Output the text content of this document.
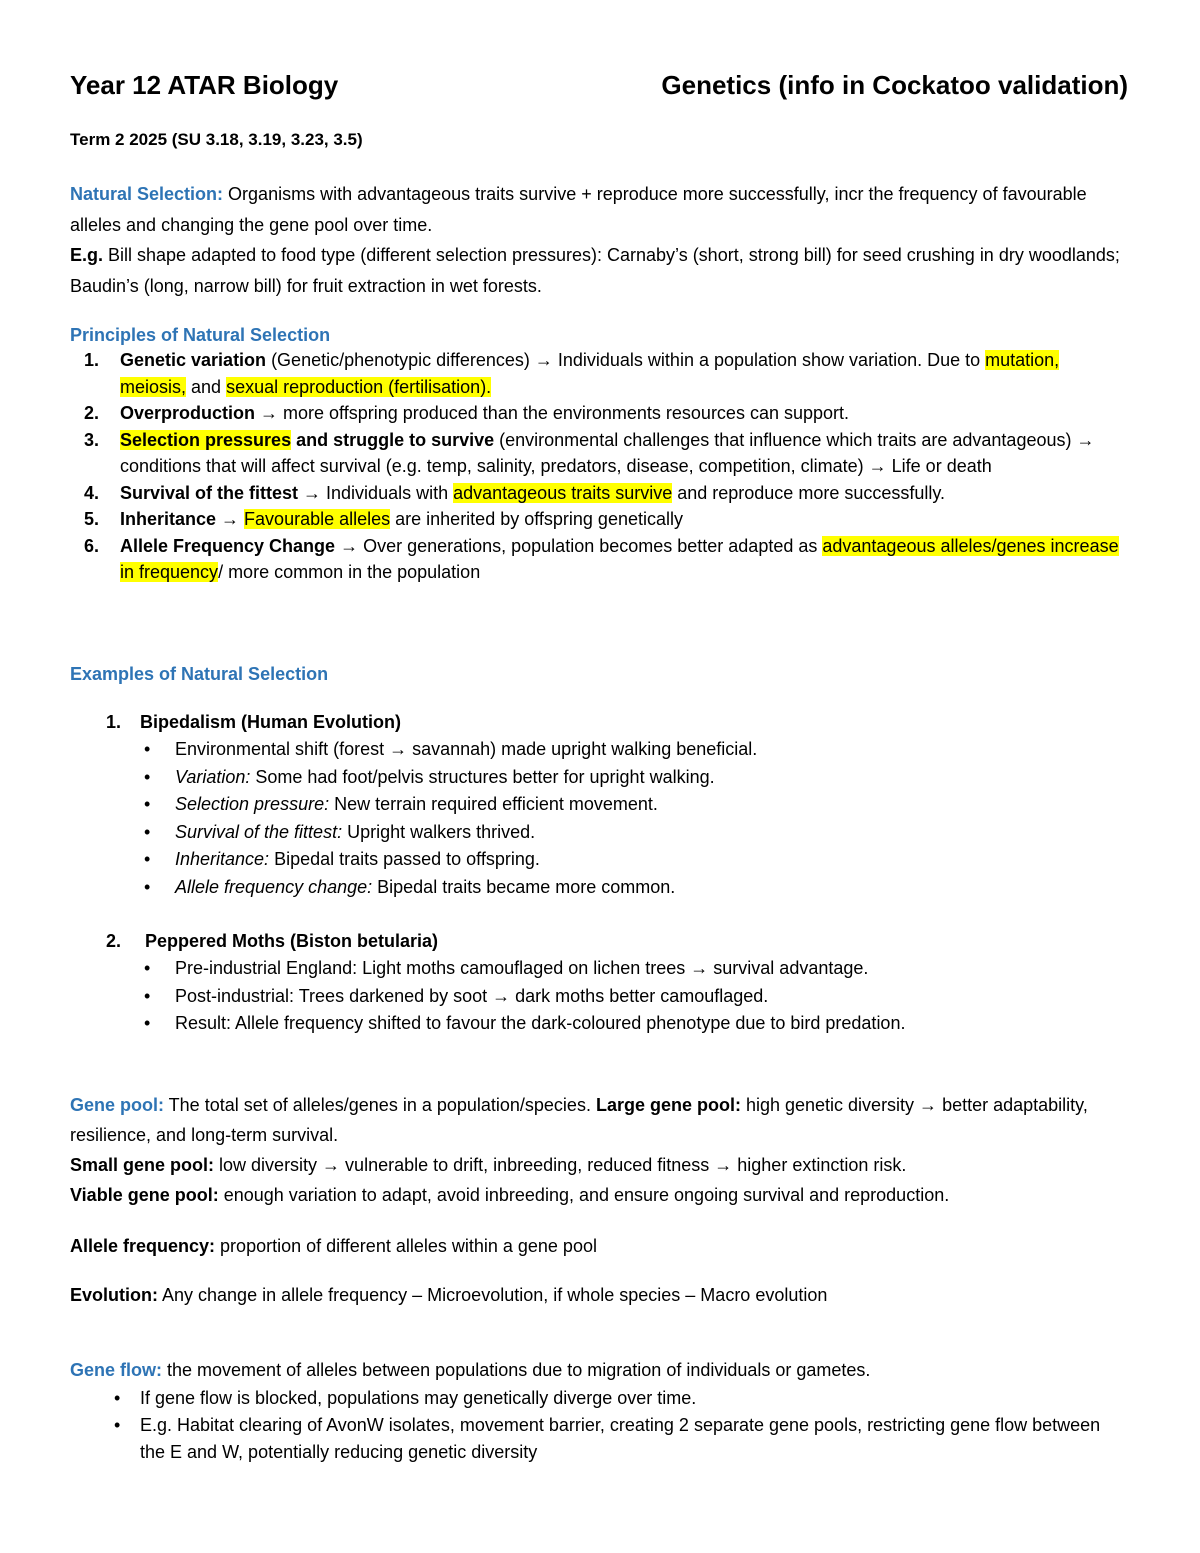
Year 12 ATAR Biology	Genetics (info in Cockatoo validation)
Term 2 2025 (SU 3.18, 3.19, 3.23, 3.5)
Natural Selection: Organisms with advantageous traits survive + reproduce more successfully, incr the frequency of favourable alleles and changing the gene pool over time.
E.g. Bill shape adapted to food type (different selection pressures): Carnaby’s (short, strong bill) for seed crushing in dry woodlands; Baudin’s (long, narrow bill) for fruit extraction in wet forests.
Principles of Natural Selection
1. Genetic variation (Genetic/phenotypic differences) → Individuals within a population show variation. Due to mutation, meiosis, and sexual reproduction (fertilisation).
2. Overproduction → more offspring produced than the environments resources can support.
3. Selection pressures and struggle to survive (environmental challenges that influence which traits are advantageous) → conditions that will affect survival (e.g. temp, salinity, predators, disease, competition, climate) → Life or death
4. Survival of the fittest → Individuals with advantageous traits survive and reproduce more successfully.
5. Inheritance → Favourable alleles are inherited by offspring genetically
6. Allele Frequency Change → Over generations, population becomes better adapted as advantageous alleles/genes increase in frequency/ more common in the population
Examples of Natural Selection
1. Bipedalism (Human Evolution)
• Environmental shift (forest → savannah) made upright walking beneficial.
• Variation: Some had foot/pelvis structures better for upright walking.
• Selection pressure: New terrain required efficient movement.
• Survival of the fittest: Upright walkers thrived.
• Inheritance: Bipedal traits passed to offspring.
• Allele frequency change: Bipedal traits became more common.
2. Peppered Moths (Biston betularia)
• Pre-industrial England: Light moths camouflaged on lichen trees → survival advantage.
• Post-industrial: Trees darkened by soot → dark moths better camouflaged.
• Result: Allele frequency shifted to favour the dark-coloured phenotype due to bird predation.
Gene pool: The total set of alleles/genes in a population/species. Large gene pool: high genetic diversity → better adaptability, resilience, and long-term survival.
Small gene pool: low diversity → vulnerable to drift, inbreeding, reduced fitness → higher extinction risk.
Viable gene pool: enough variation to adapt, avoid inbreeding, and ensure ongoing survival and reproduction.
Allele frequency: proportion of different alleles within a gene pool
Evolution: Any change in allele frequency – Microevolution, if whole species – Macro evolution
Gene flow: the movement of alleles between populations due to migration of individuals or gametes.
• If gene flow is blocked, populations may genetically diverge over time.
• E.g. Habitat clearing of AvonW isolates, movement barrier, creating 2 separate gene pools, restricting gene flow between the E and W, potentially reducing genetic diversity
